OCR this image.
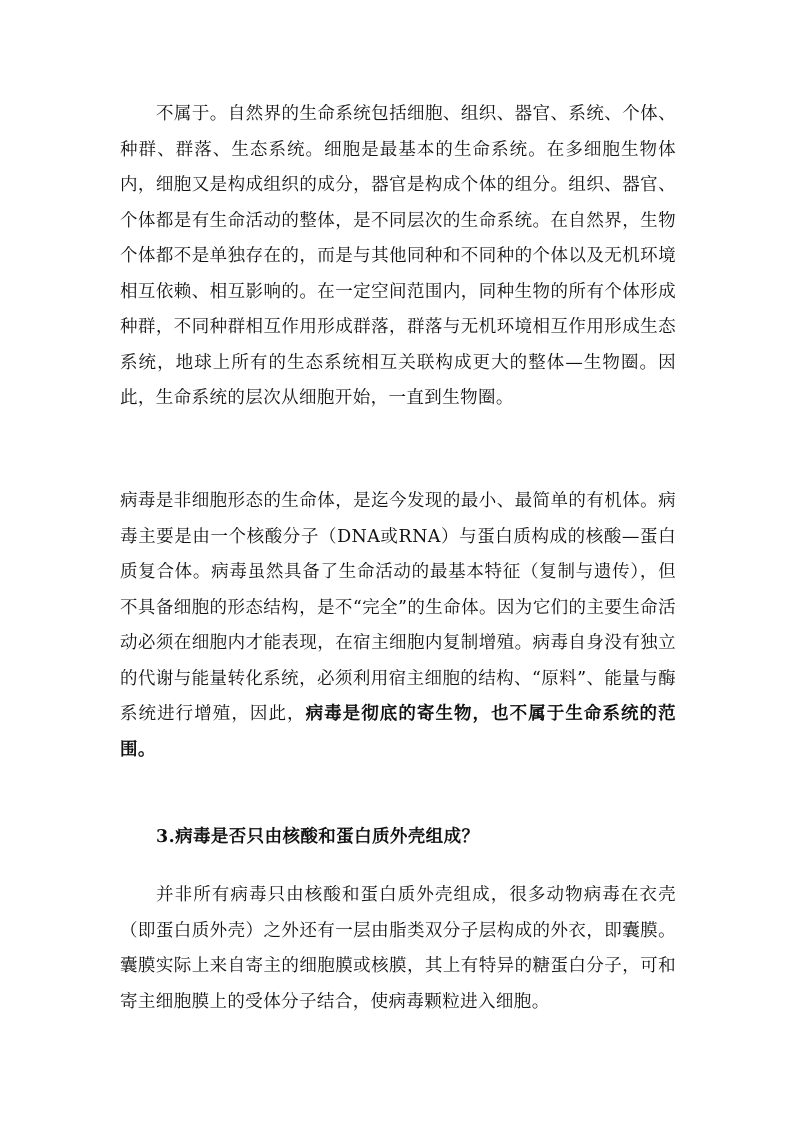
不属于。自然界的生命系统包括细胞、组织、器官、系统、个体、种群、群落、生态系统。细胞是最基本的生命系统。在多细胞生物体内，细胞又是构成组织的成分，器官是构成个体的组分。组织、器官、个体都是有生命活动的整体，是不同层次的生命系统。在自然界，生物个体都不是单独存在的，而是与其他同种和不同种的个体以及无机环境相互依赖、相互影响的。在一定空间范围内，同种生物的所有个体形成种群，不同种群相互作用形成群落，群落与无机环境相互作用形成生态系统，地球上所有的生态系统相互关联构成更大的整体—生物圈。因此，生命系统的层次从细胞开始，一直到生物圈。

病毒是非细胞形态的生命体，是迄今发现的最小、最简单的有机体。病毒主要是由一个核酸分子（DNA或RNA）与蛋白质构成的核酸—蛋白质复合体。病毒虽然具备了生命活动的最基本特征（复制与遗传），但不具备细胞的形态结构，是不“完全”的生命体。因为它们的主要生命活动必须在细胞内才能表现，在宿主细胞内复制增殖。病毒自身没有独立的代谢与能量转化系统，必须利用宿主细胞的结构、“原料”、能量与酶系统进行增殖，因此，病毒是彻底的寄生物，也不属于生命系统的范围。

3.病毒是否只由核酸和蛋白质外壳组成？

并非所有病毒只由核酸和蛋白质外壳组成，很多动物病毒在衣壳（即蛋白质外壳）之外还有一层由脂类双分子层构成的外衣，即囊膜。囊膜实际上来自寄主的细胞膜或核膜，其上有特异的糖蛋白分子，可和寄主细胞膜上的受体分子结合，使病毒颗粒进入细胞。
